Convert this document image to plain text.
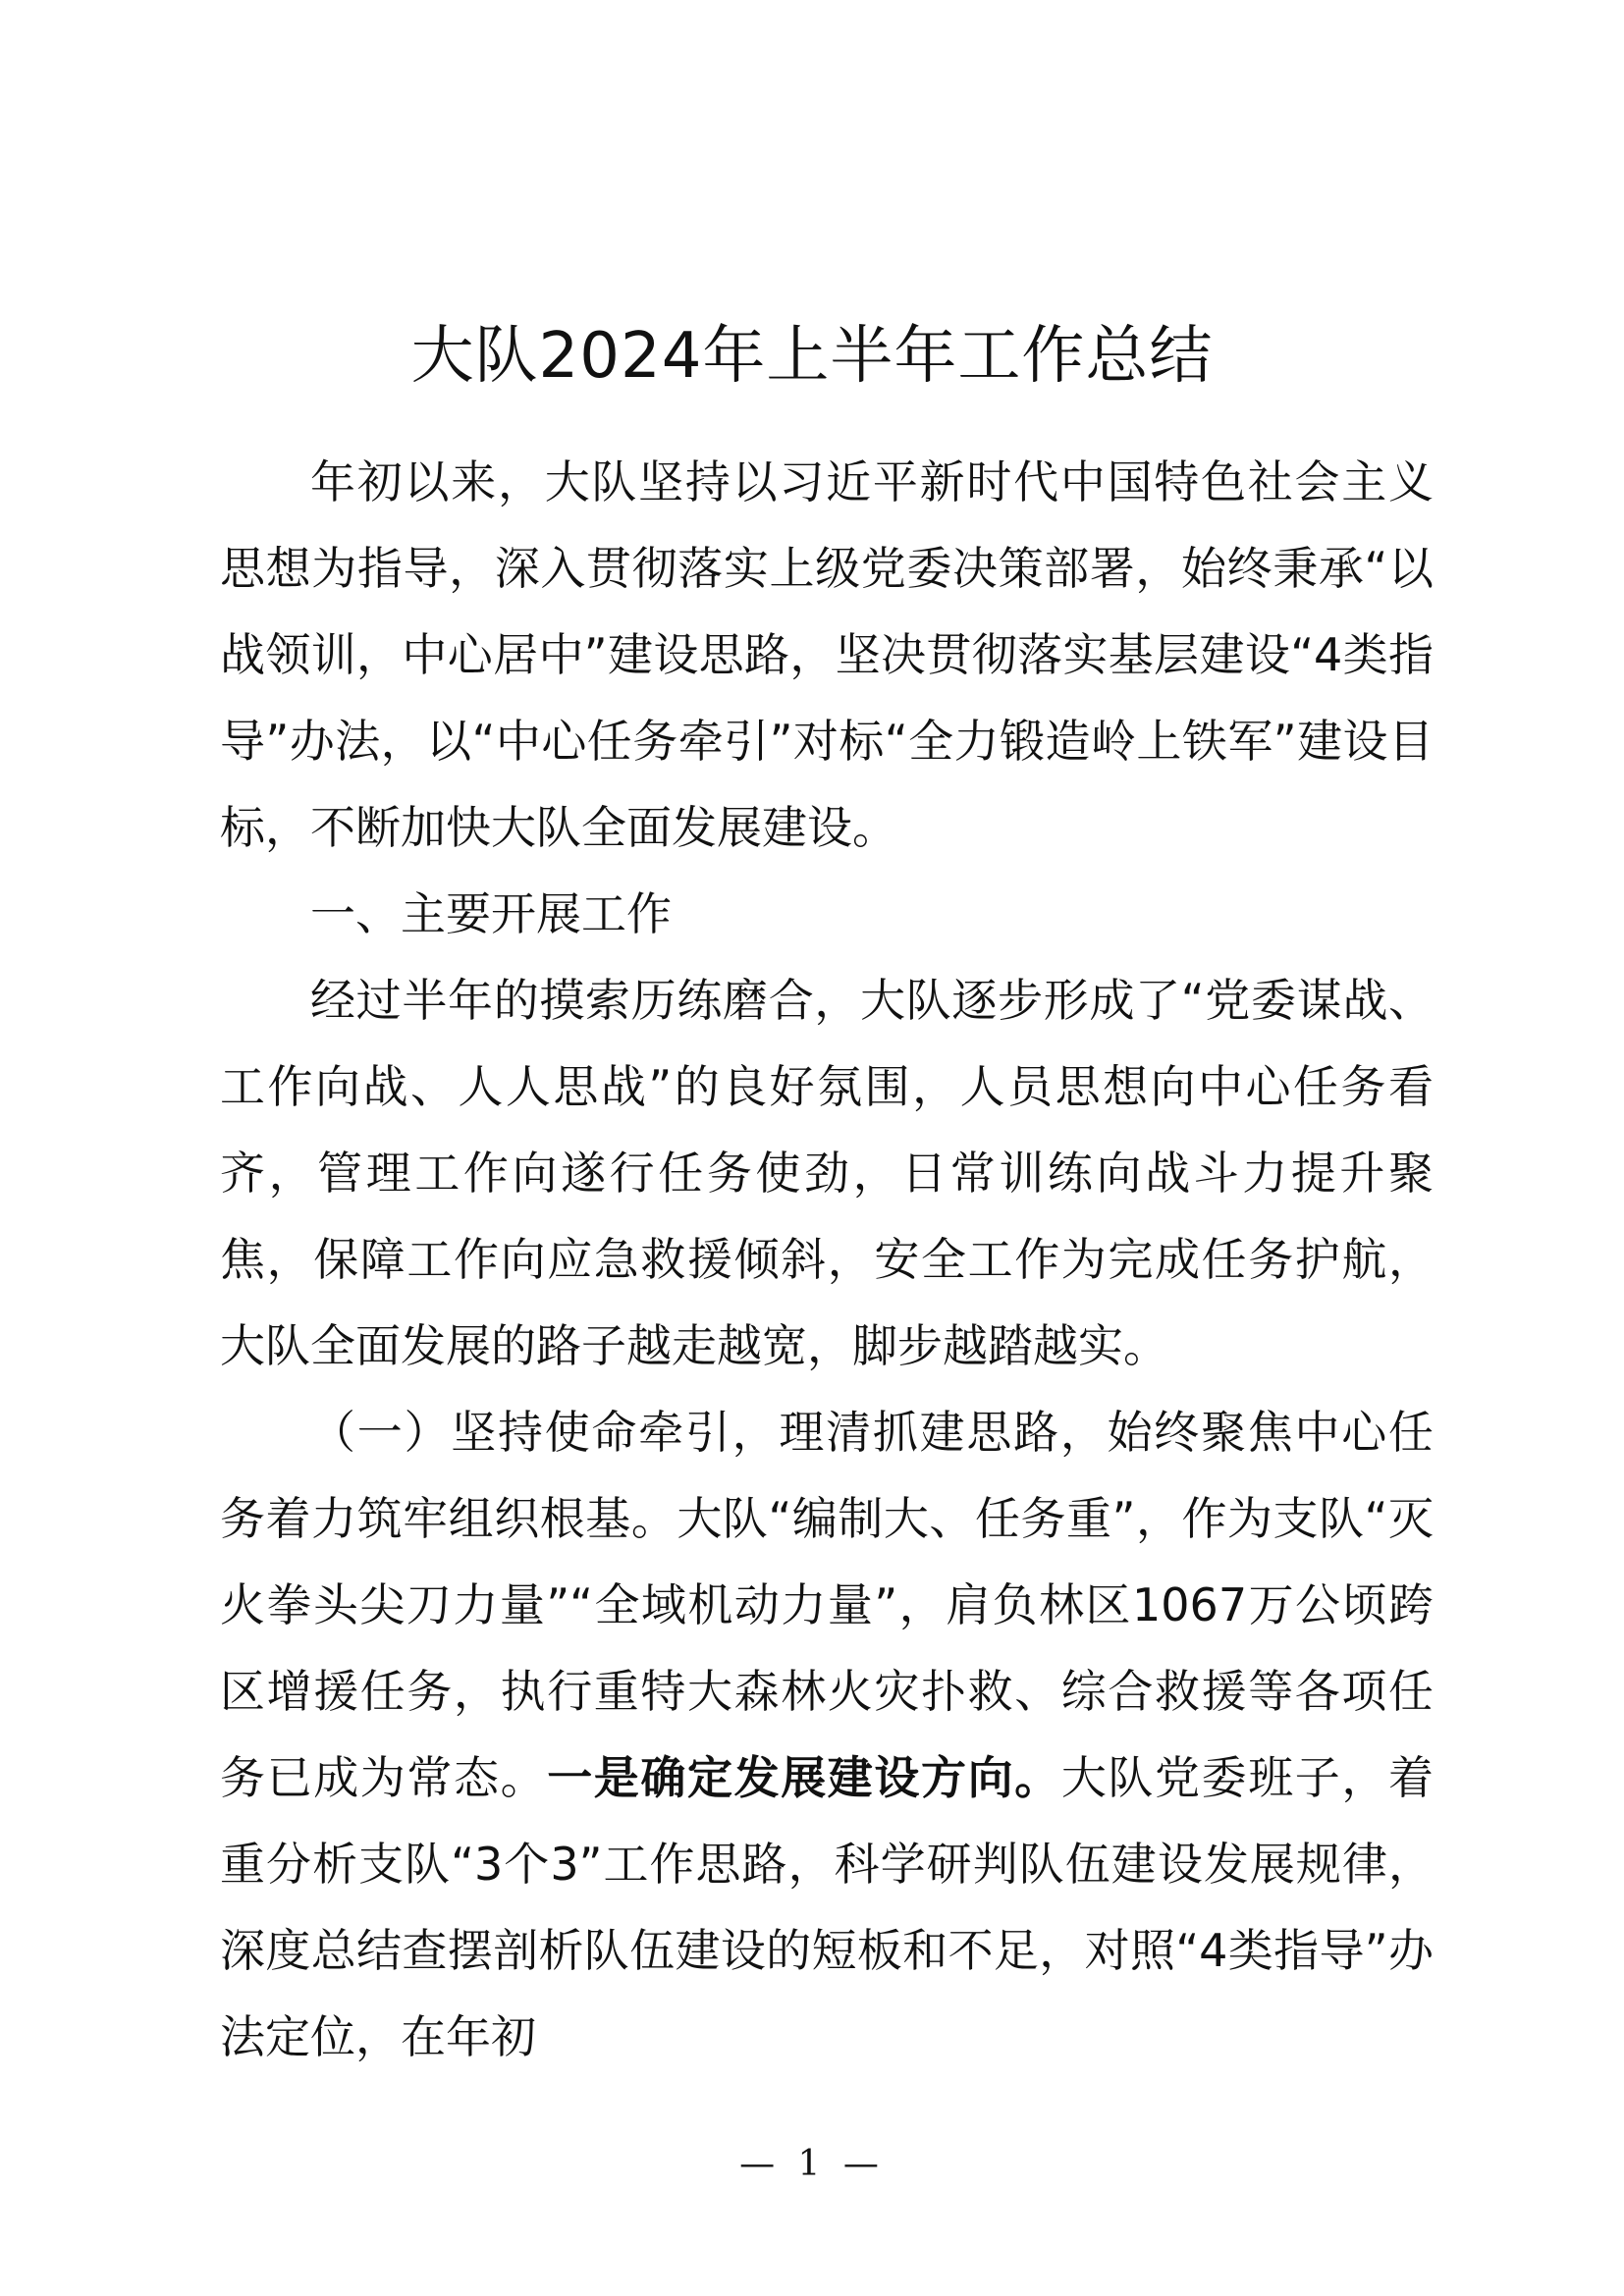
大队2024年上半年工作总结

年初以来，大队坚持以习近平新时代中国特色社会主义思想为指导，深入贯彻落实上级党委决策部署，始终秉承“以战领训，中心居中”建设思路，坚决贯彻落实基层建设“4类指导”办法，以“中心任务牵引”对标“全力锻造岭上铁军”建设目标，不断加快大队全面发展建设。

一、主要开展工作

经过半年的摸索历练磨合，大队逐步形成了“党委谋战、工作向战、人人思战”的良好氛围，人员思想向中心任务看齐，管理工作向遂行任务使劲，日常训练向战斗力提升聚焦，保障工作向应急救援倾斜，安全工作为完成任务护航，大队全面发展的路子越走越宽，脚步越踏越实。

（一）坚持使命牵引，理清抓建思路，始终聚焦中心任务着力筑牢组织根基。大队“编制大、任务重”，作为支队“灭火拳头尖刀力量”“全域机动力量”，肩负林区1067万公顷跨区增援任务，执行重特大森林火灾扑救、综合救援等各项任务已成为常态。一是确定发展建设方向。大队党委班子，着重分析支队“3个3”工作思路，科学研判队伍建设发展规律，深度总结查摆剖析队伍建设的短板和不足，对照“4类指导”办法定位，在年初

— 1 —
